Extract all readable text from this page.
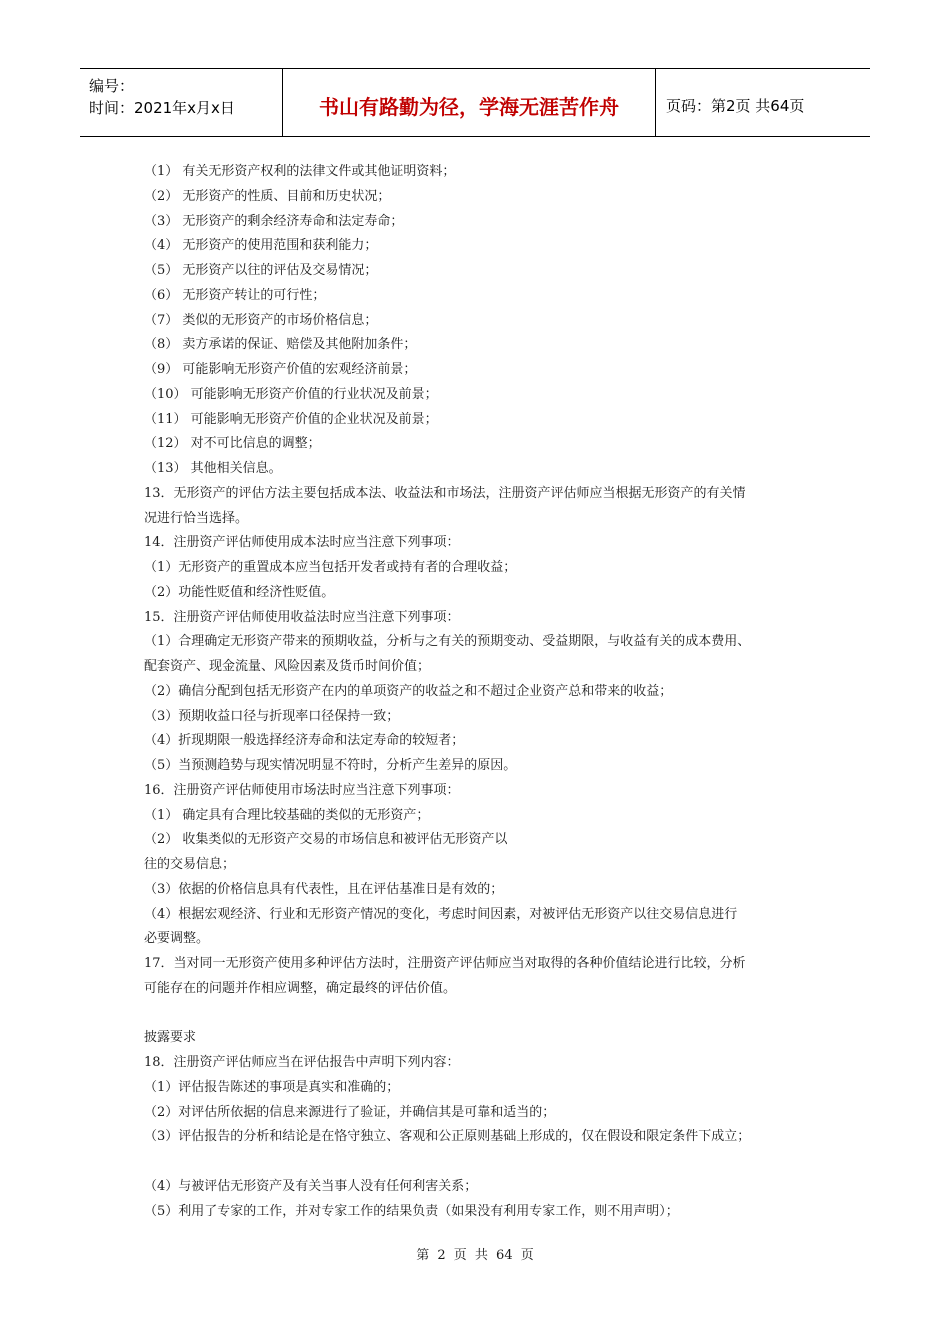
编号：
时间：2021年x月x日	书山有路勤为径，学海无涯苦作舟	页码：第2页 共64页
（1） 有关无形资产权利的法律文件或其他证明资料；
（2） 无形资产的性质、目前和历史状况；
（3） 无形资产的剩余经济寿命和法定寿命；
（4） 无形资产的使用范围和获利能力；
（5） 无形资产以往的评估及交易情况；
（6） 无形资产转让的可行性；
（7） 类似的无形资产的市场价格信息；
（8） 卖方承诺的保证、赔偿及其他附加条件；
（9） 可能影响无形资产价值的宏观经济前景；
（10） 可能影响无形资产价值的行业状况及前景；
（11） 可能影响无形资产价值的企业状况及前景；
（12） 对不可比信息的调整；
（13） 其他相关信息。
13．无形资产的评估方法主要包括成本法、收益法和市场法，注册资产评估师应当根据无形资产的有关情
况进行恰当选择。
14．注册资产评估师使用成本法时应当注意下列事项：
（1）无形资产的重置成本应当包括开发者或持有者的合理收益；
（2）功能性贬值和经济性贬值。
15．注册资产评估师使用收益法时应当注意下列事项：
（1）合理确定无形资产带来的预期收益，分析与之有关的预期变动、受益期限，与收益有关的成本费用、
配套资产、现金流量、风险因素及货币时间价值；
（2）确信分配到包括无形资产在内的单项资产的收益之和不超过企业资产总和带来的收益；
（3）预期收益口径与折现率口径保持一致；
（4）折现期限一般选择经济寿命和法定寿命的较短者；
（5）当预测趋势与现实情况明显不符时，分析产生差异的原因。
16．注册资产评估师使用市场法时应当注意下列事项：
（1） 确定具有合理比较基础的类似的无形资产；
（2） 收集类似的无形资产交易的市场信息和被评估无形资产以
往的交易信息；
（3）依据的价格信息具有代表性，且在评估基准日是有效的；
（4）根据宏观经济、行业和无形资产情况的变化，考虑时间因素，对被评估无形资产以往交易信息进行
必要调整。
17．当对同一无形资产使用多种评估方法时，注册资产评估师应当对取得的各种价值结论进行比较，分析
可能存在的问题并作相应调整，确定最终的评估价值。
披露要求
18．注册资产评估师应当在评估报告中声明下列内容：
（1）评估报告陈述的事项是真实和准确的；
（2）对评估所依据的信息来源进行了验证，并确信其是可靠和适当的；
（3）评估报告的分析和结论是在恪守独立、客观和公正原则基础上形成的，仅在假设和限定条件下成立；
（4）与被评估无形资产及有关当事人没有任何利害关系；
（5）利用了专家的工作，并对专家工作的结果负责（如果没有利用专家工作，则不用声明）；
第 2 页 共 64 页
